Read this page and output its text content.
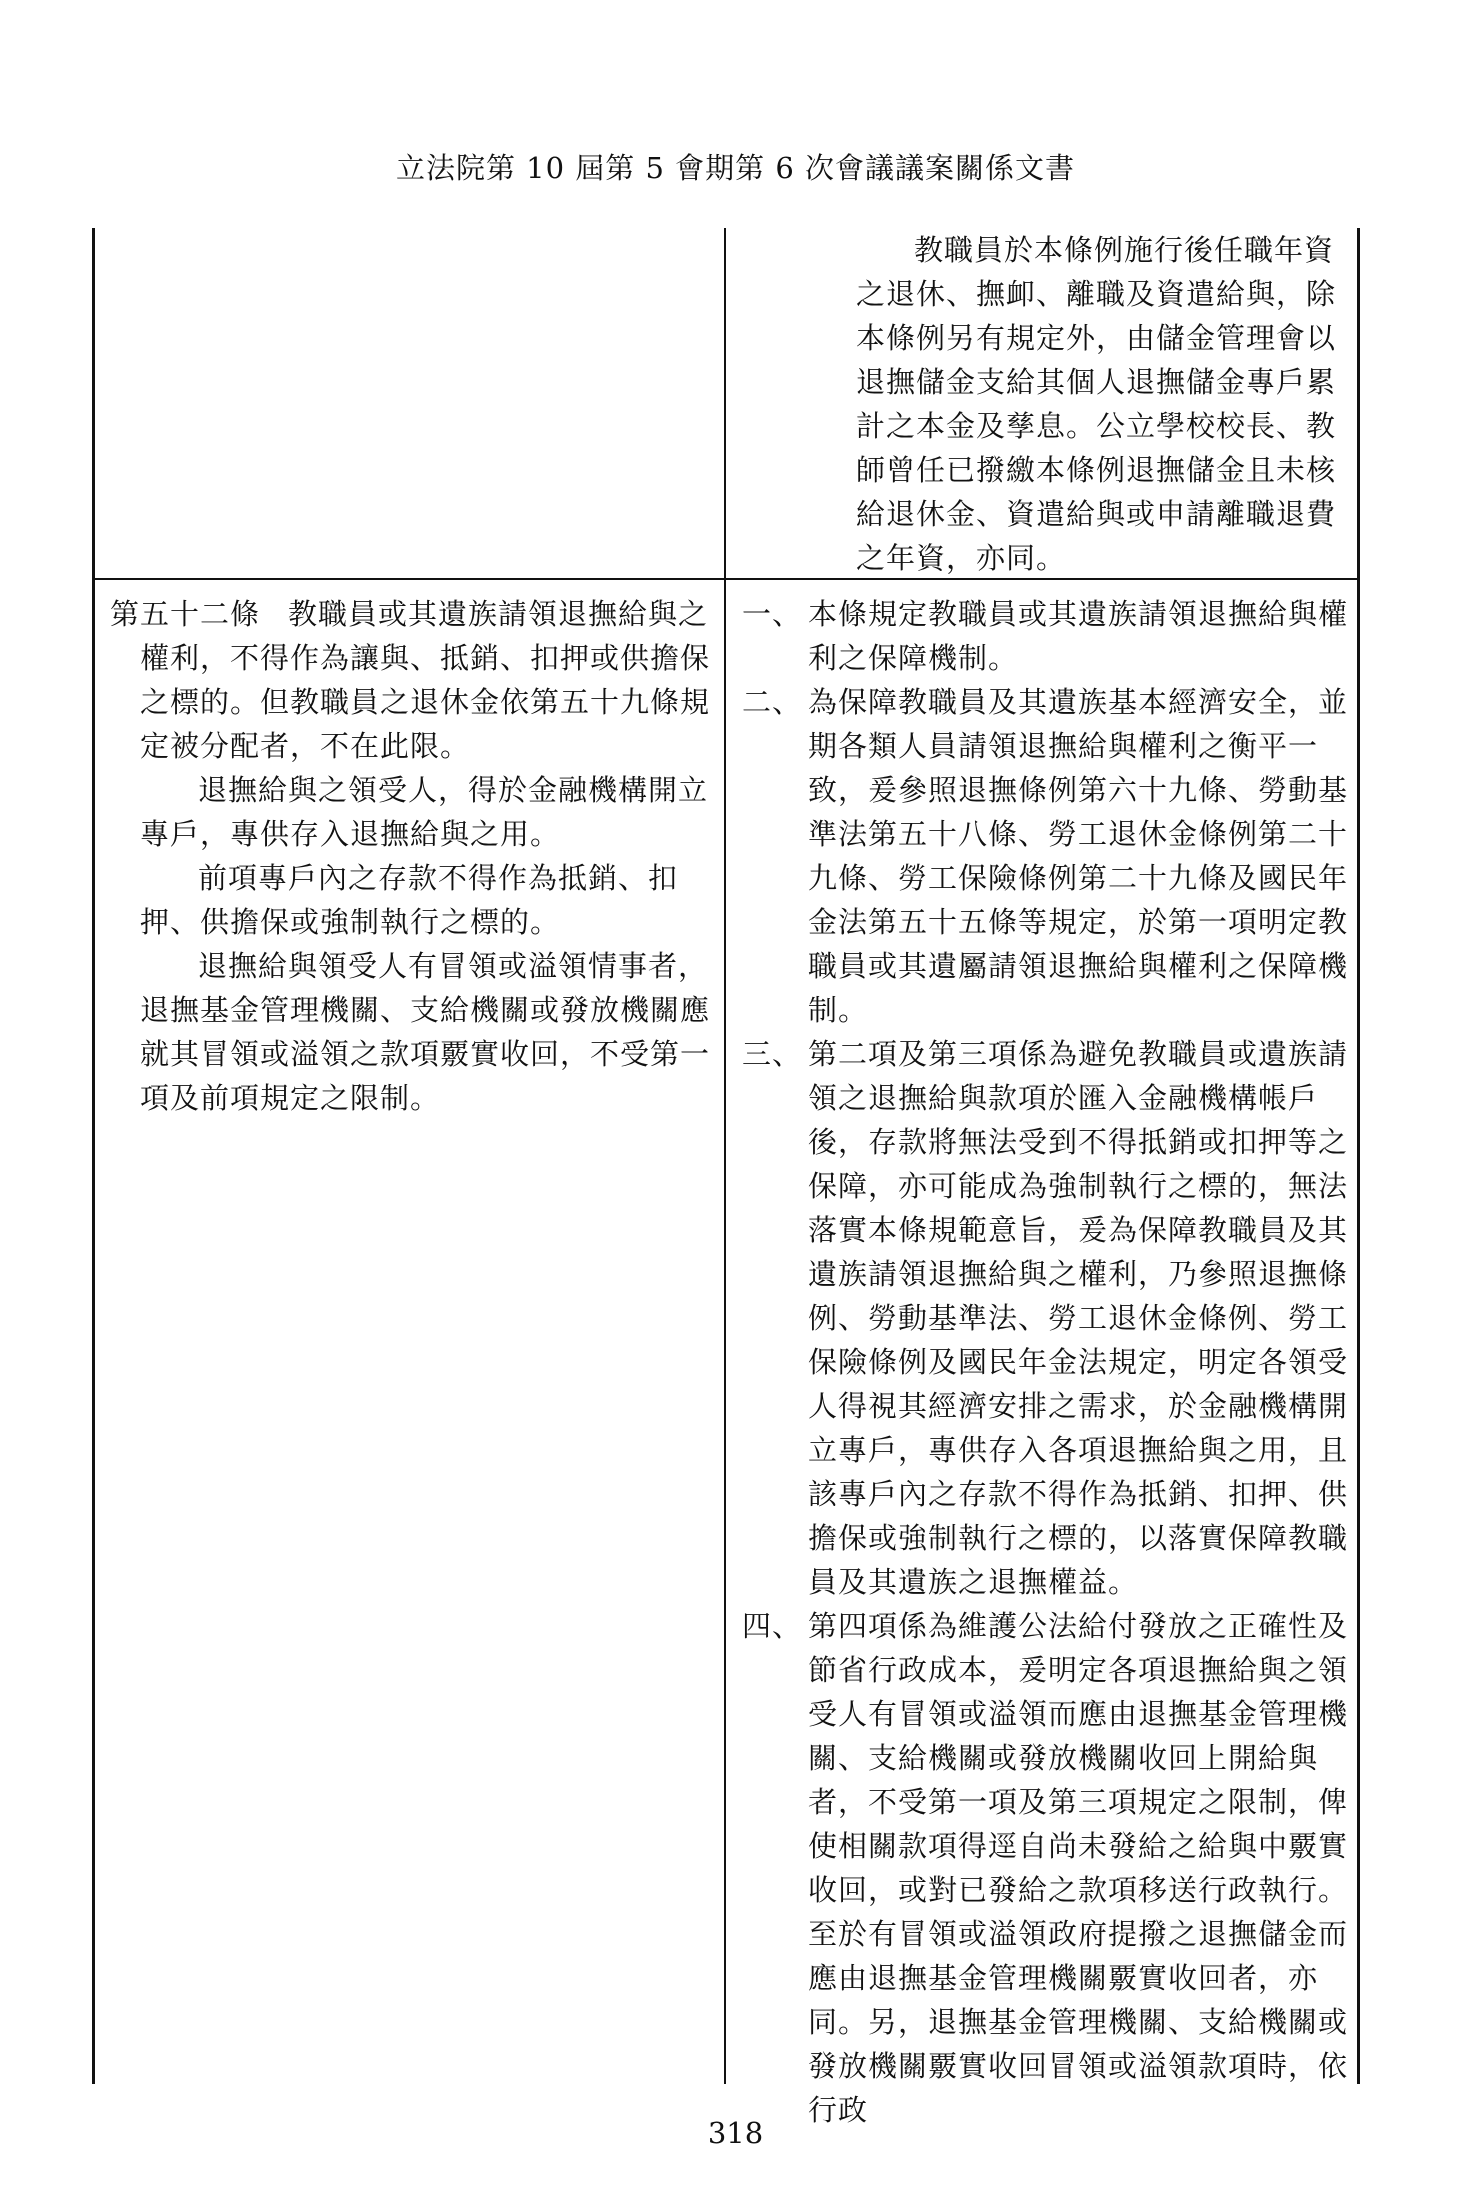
立法院第 10 屆第 5 會期第 6 次會議議案關係文書

教職員於本條例施行後任職年資之退休、撫卹、離職及資遣給與，除本條例另有規定外，由儲金管理會以退撫儲金支給其個人退撫儲金專戶累計之本金及孳息。公立學校校長、教師曾任已撥繳本條例退撫儲金且未核給退休金、資遣給與或申請離職退費之年資，亦同。

第五十二條 教職員或其遺族請領退撫給與之權利，不得作為讓與、抵銷、扣押或供擔保之標的。但教職員之退休金依第五十九條規定被分配者，不在此限。

退撫給與之領受人，得於金融機構開立專戶，專供存入退撫給與之用。

前項專戶內之存款不得作為抵銷、扣押、供擔保或強制執行之標的。

退撫給與領受人有冒領或溢領情事者，退撫基金管理機關、支給機關或發放機關應就其冒領或溢領之款項覈實收回，不受第一項及前項規定之限制。

一、 本條規定教職員或其遺族請領退撫給與權利之保障機制。

二、 為保障教職員及其遺族基本經濟安全，並期各類人員請領退撫給與權利之衡平一致，爰參照退撫條例第六十九條、勞動基準法第五十八條、勞工退休金條例第二十九條、勞工保險條例第二十九條及國民年金法第五十五條等規定，於第一項明定教職員或其遺屬請領退撫給與權利之保障機制。

三、 第二項及第三項係為避免教職員或遺族請領之退撫給與款項於匯入金融機構帳戶後，存款將無法受到不得抵銷或扣押等之保障，亦可能成為強制執行之標的，無法落實本條規範意旨，爰為保障教職員及其遺族請領退撫給與之權利，乃參照退撫條例、勞動基準法、勞工退休金條例、勞工保險條例及國民年金法規定，明定各領受人得視其經濟安排之需求，於金融機構開立專戶，專供存入各項退撫給與之用，且該專戶內之存款不得作為抵銷、扣押、供擔保或強制執行之標的，以落實保障教職員及其遺族之退撫權益。

四、 第四項係為維護公法給付發放之正確性及節省行政成本，爰明定各項退撫給與之領受人有冒領或溢領而應由退撫基金管理機關、支給機關或發放機關收回上開給與者，不受第一項及第三項規定之限制，俾使相關款項得逕自尚未發給之給與中覈實收回，或對已發給之款項移送行政執行。至於有冒領或溢領政府提撥之退撫儲金而應由退撫基金管理機關覈實收回者，亦同。另，退撫基金管理機關、支給機關或發放機關覈實收回冒領或溢領款項時，依行政

318
